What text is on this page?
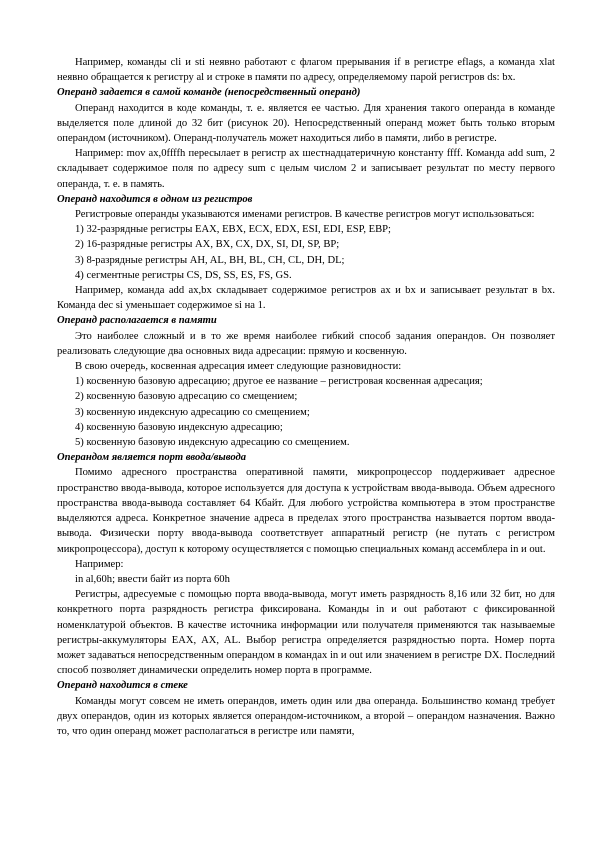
Например, команды cli и sti неявно работают с флагом прерывания if в регистре eflags, а команда xlat неявно обращается к регистру al и строке в памяти по адресу, определяемому парой регистров ds: bx.

Операнд задается в самой команде (непосредственный операнд)

Операнд находится в коде команды, т. е. является ее частью. Для хранения такого операнда в команде выделяется поле длиной до 32 бит (рисунок 20). Непосредственный операнд может быть только вторым операндом (источником). Операнд-получатель может находиться либо в памяти, либо в регистре.

Например: mov ax,0ffffh пересылает в регистр ax шестнадцатеричную константу ffff. Команда add sum, 2 складывает содержимое поля по адресу sum с целым числом 2 и записывает результат по месту первого операнда, т. е. в память.

Операнд находится в одном из регистров

Регистровые операнды указываются именами регистров. В качестве регистров могут использоваться:

1) 32-разрядные регистры EAX, EBX, ECX, EDX, ESI, EDI, ESP, EBP;

2) 16-разрядные регистры AX, BX, CX, DX, SI, DI, SP, BP;

3) 8-разрядные регистры AH, AL, BH, BL, CH, CL, DH, DL;

4) сегментные регистры CS, DS, SS, ES, FS, GS.

Например, команда add ax,bx складывает содержимое регистров ax и bx и записывает результат в bx. Команда dec si уменьшает содержимое si на 1.

Операнд располагается в памяти

Это наиболее сложный и в то же время наиболее гибкий способ задания операндов. Он позволяет реализовать следующие два основных вида адресации: прямую и косвенную.

В свою очередь, косвенная адресация имеет следующие разновидности:

1) косвенную базовую адресацию; другое ее название – регистровая косвенная адресация;

2) косвенную базовую адресацию со смещением;

3) косвенную индексную адресацию со смещением;

4) косвенную базовую индексную адресацию;

5) косвенную базовую индексную адресацию со смещением.

Операндом является порт ввода/вывода

Помимо адресного пространства оперативной памяти, микропроцессор поддерживает адресное пространство ввода-вывода, которое используется для доступа к устройствам ввода-вывода. Объем адресного пространства ввода-вывода составляет 64 Кбайт. Для любого устройства компьютера в этом пространстве выделяются адреса. Конкретное значение адреса в пределах этого пространства называется портом ввода-вывода. Физически порту ввода-вывода соответствует аппаратный регистр (не путать с регистром микропроцессора), доступ к которому осуществляется с помощью специальных команд ассемблера in и out.

Например:

in al,60h; ввести байт из порта 60h

Регистры, адресуемые с помощью порта ввода-вывода, могут иметь разрядность 8,16 или 32 бит, но для конкретного порта разрядность регистра фиксирована. Команды in и out работают с фиксированной номенклатурой объектов. В качестве источника информации или получателя применяются так называемые регистры-аккумуляторы EAX, AX, AL. Выбор регистра определяется разрядностью порта. Номер порта может задаваться непосредственным операндом в командах in и out или значением в регистре DX. Последний способ позволяет динамически определить номер порта в программе.

Операнд находится в стеке

Команды могут совсем не иметь операндов, иметь один или два операнда. Большинство команд требует двух операндов, один из которых является операндом-источником, а второй – операндом назначения. Важно то, что один операнд может располагаться в регистре или памяти,
